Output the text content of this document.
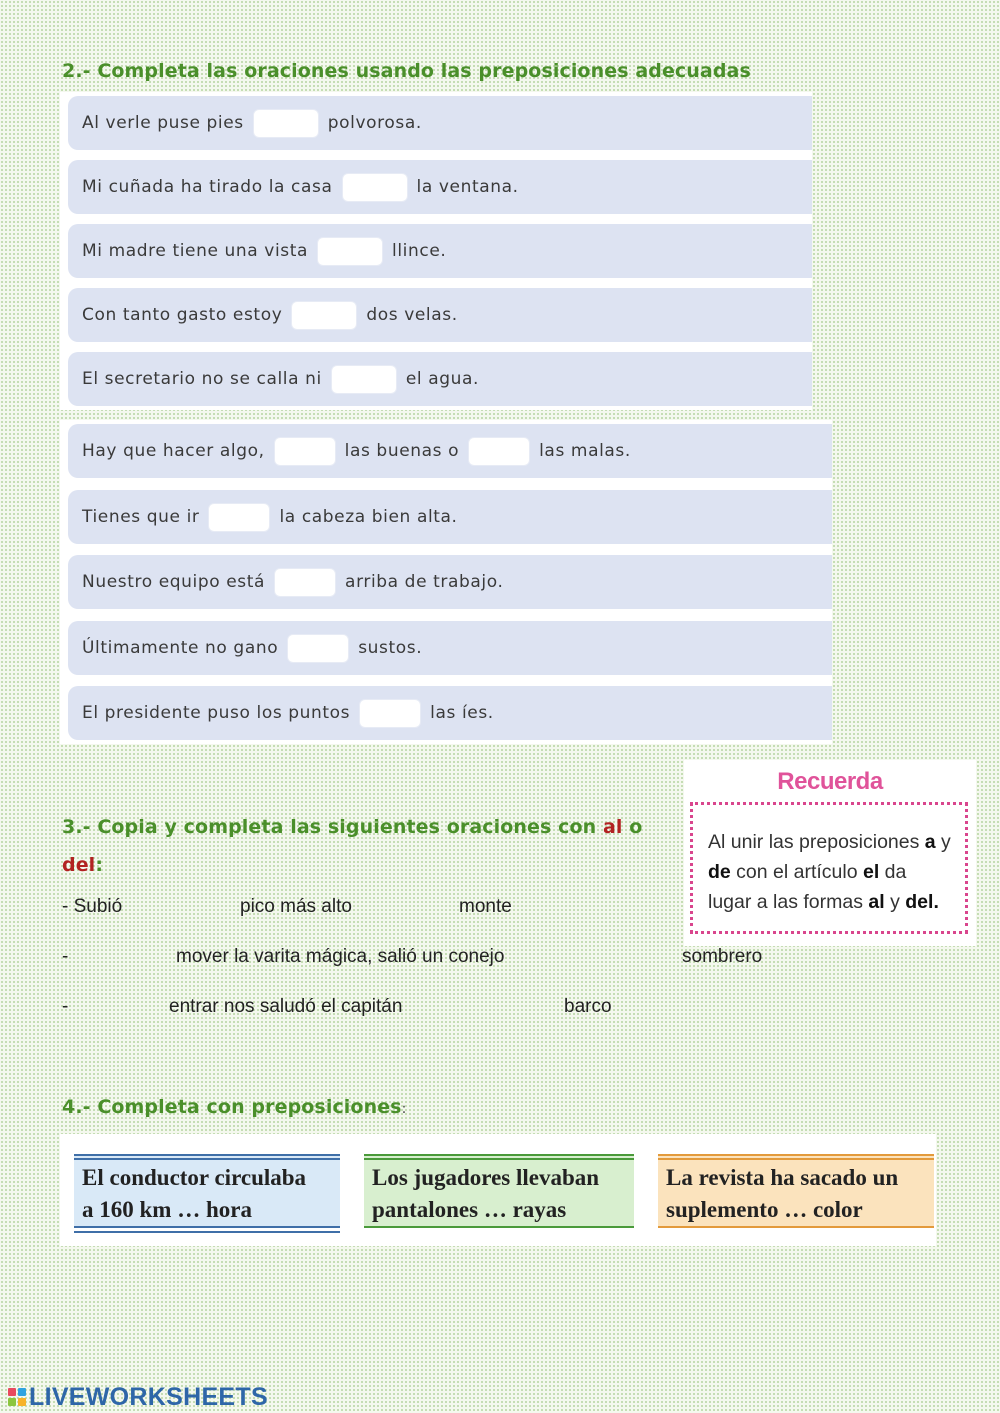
2.- Completa las oraciones usando las preposiciones adecuadas
Al verle puse pies	polvorosa.
Mi cuñada ha tirado la casa	la ventana.
Mi madre tiene una vista	llince.
Con tanto gasto estoy	dos velas.
El secretario no se calla ni	el agua.
Hay que hacer algo,	las buenas o	las malas.
Tienes que ir	la cabeza bien alta.
Nuestro equipo está	arriba de trabajo.
Últimamente no gano	sustos.
El presidente puso los puntos	las íes.
3.- Copia y completa las siguientes oraciones con al o
del:
- Subió	pico más alto	monte
-	mover la varita mágica, salió un conejo	sombrero
-	entrar nos saludó el capitán	barco
Recuerda
Al unir las preposiciones a y de con el artículo el da lugar a las formas al y del.
4.- Completa con preposiciones:
El conductor circulaba
a 160 km … hora
Los jugadores llevaban
pantalones … rayas
La revista ha sacado un
suplemento … color
LIVEWORKSHEETS
